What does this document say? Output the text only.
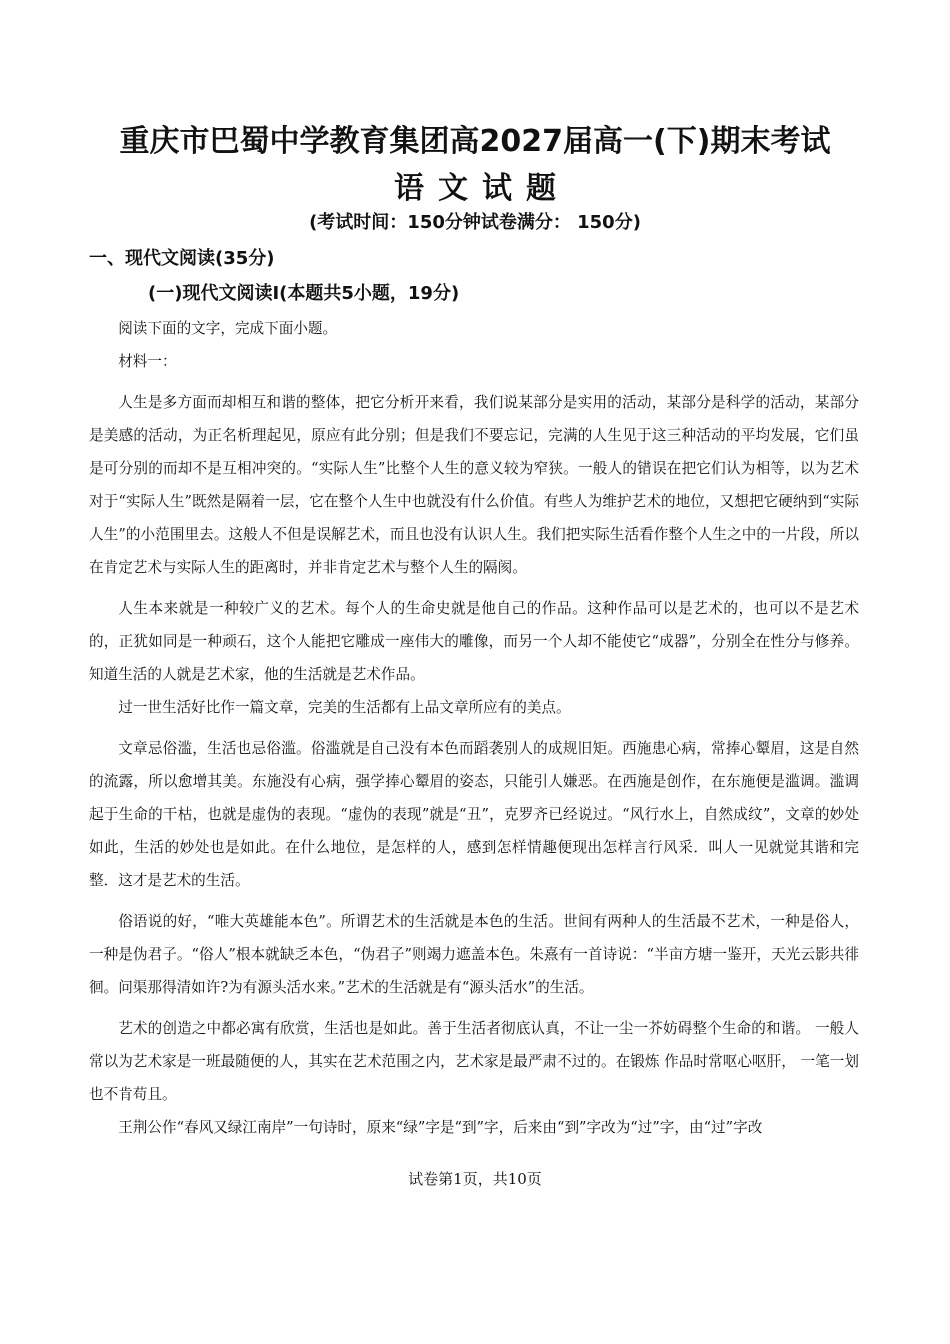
重庆市巴蜀中学教育集团高2027届高一(下)期末考试
语文试题
(考试时间：150分钟试卷满分： 150分)
一、现代文阅读(35分)
(一)现代文阅读Ⅰ(本题共5小题，19分)

阅读下面的文字，完成下面小题。

材料一：

人生是多方面而却相互和谐的整体，把它分析开来看，我们说某部分是实用的活动，某部分是科学的活动，某部分是美感的活动，为正名析理起见，原应有此分别；但是我们不要忘记，完满的人生见于这三种活动的平均发展，它们虽是可分别的而却不是互相冲突的。“实际人生”比整个人生的意义较为窄狭。一般人的错误在把它们认为相等，以为艺术对于“实际人生”既然是隔着一层，它在整个人生中也就没有什么价值。有些人为维护艺术的地位，又想把它硬纳到“实际人生”的小范围里去。这般人不但是误解艺术，而且也没有认识人生。我们把实际生活看作整个人生之中的一片段，所以在肯定艺术与实际人生的距离时，并非肯定艺术与整个人生的隔阂。

人生本来就是一种较广义的艺术。每个人的生命史就是他自己的作品。这种作品可以是艺术的，也可以不是艺术的，正犹如同是一种顽石，这个人能把它雕成一座伟大的雕像，而另一个人却不能使它“成器”，分别全在性分与修养。知道生活的人就是艺术家，他的生活就是艺术作品。

过一世生活好比作一篇文章，完美的生活都有上品文章所应有的美点。

文章忌俗滥，生活也忌俗滥。俗滥就是自己没有本色而蹈袭别人的成规旧矩。西施患心病，常捧心颦眉，这是自然的流露，所以愈增其美。东施没有心病，强学捧心颦眉的姿态，只能引人嫌恶。在西施是创作，在东施便是滥调。滥调起于生命的干枯，也就是虚伪的表现。“虚伪的表现”就是“丑”，克罗齐已经说过。“风行水上，自然成纹”，文章的妙处如此，生活的妙处也是如此。在什么地位，是怎样的人，感到怎样情趣便现出怎样言行风采．叫人一见就觉其谐和完整．这才是艺术的生活。

俗语说的好，“唯大英雄能本色”。所谓艺术的生活就是本色的生活。世间有两种人的生活最不艺术，一种是俗人，一种是伪君子。“俗人”根本就缺乏本色，“伪君子”则竭力遮盖本色。朱熹有一首诗说：“半亩方塘一鉴开，天光云影共徘徊。问渠那得清如许?为有源头活水来。”艺术的生活就是有“源头活水”的生活。

艺术的创造之中都必寓有欣赏，生活也是如此。善于生活者彻底认真，不让一尘一芥妨碍整个生命的和谐。 一般人常以为艺术家是一班最随便的人，其实在艺术范围之内，艺术家是最严肃不过的。在锻炼 作品时常呕心呕肝， 一笔一划也不肯苟且。

王荆公作“春风又绿江南岸”一句诗时，原来“绿”字是“到”字，后来由“到”字改为“过”字，由“过”字改

试卷第1页，共10页
